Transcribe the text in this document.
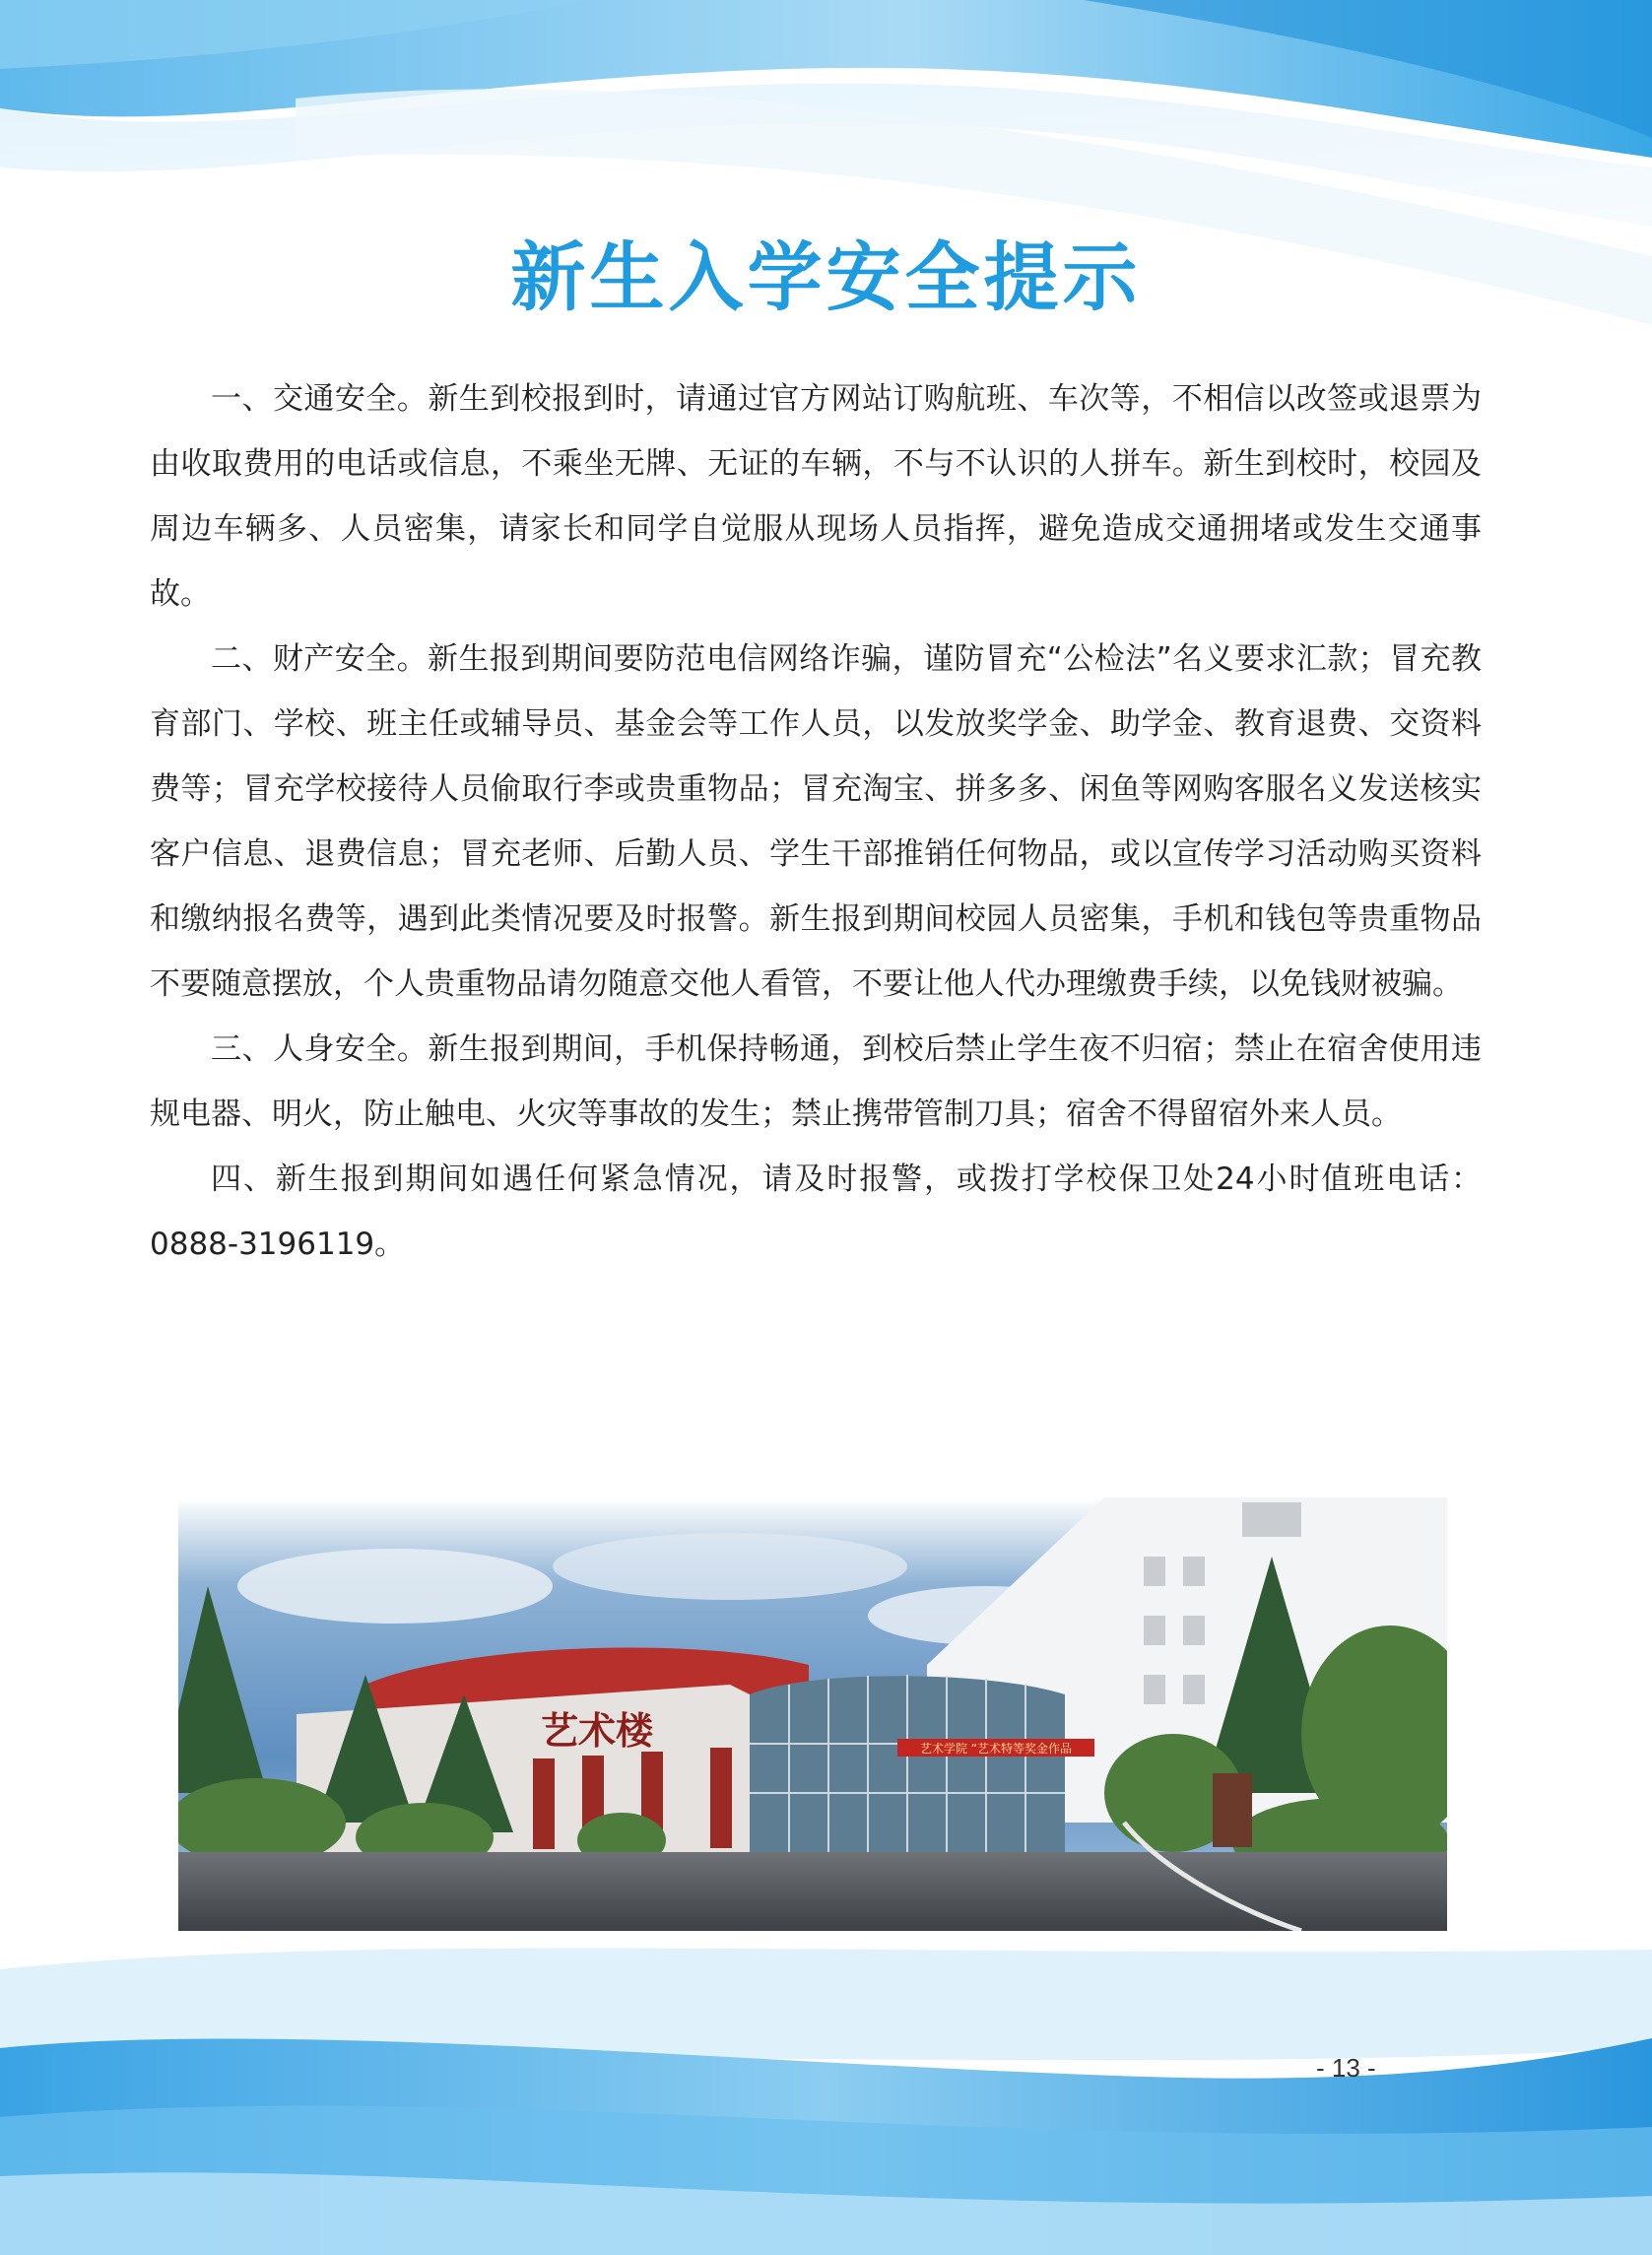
新生入学安全提示

一、交通安全。新生到校报到时，请通过官方网站订购航班、车次等，不相信以改签或退票为由收取费用的电话或信息，不乘坐无牌、无证的车辆，不与不认识的人拼车。新生到校时，校园及周边车辆多、人员密集，请家长和同学自觉服从现场人员指挥，避免造成交通拥堵或发生交通事故。

二、财产安全。新生报到期间要防范电信网络诈骗，谨防冒充“公检法”名义要求汇款；冒充教育部门、学校、班主任或辅导员、基金会等工作人员，以发放奖学金、助学金、教育退费、交资料费等；冒充学校接待人员偷取行李或贵重物品；冒充淘宝、拼多多、闲鱼等网购客服名义发送核实客户信息、退费信息；冒充老师、后勤人员、学生干部推销任何物品，或以宣传学习活动购买资料和缴纳报名费等，遇到此类情况要及时报警。新生报到期间校园人员密集，手机和钱包等贵重物品不要随意摆放，个人贵重物品请勿随意交他人看管，不要让他人代办理缴费手续，以免钱财被骗。

三、人身安全。新生报到期间，手机保持畅通，到校后禁止学生夜不归宿；禁止在宿舍使用违规电器、明火，防止触电、火灾等事故的发生；禁止携带管制刀具；宿舍不得留宿外来人员。

四、新生报到期间如遇任何紧急情况，请及时报警，或拨打学校保卫处24小时值班电话：0888-3196119。

艺术楼	艺术学院 “艺术特等奖金作品
- 13 -
